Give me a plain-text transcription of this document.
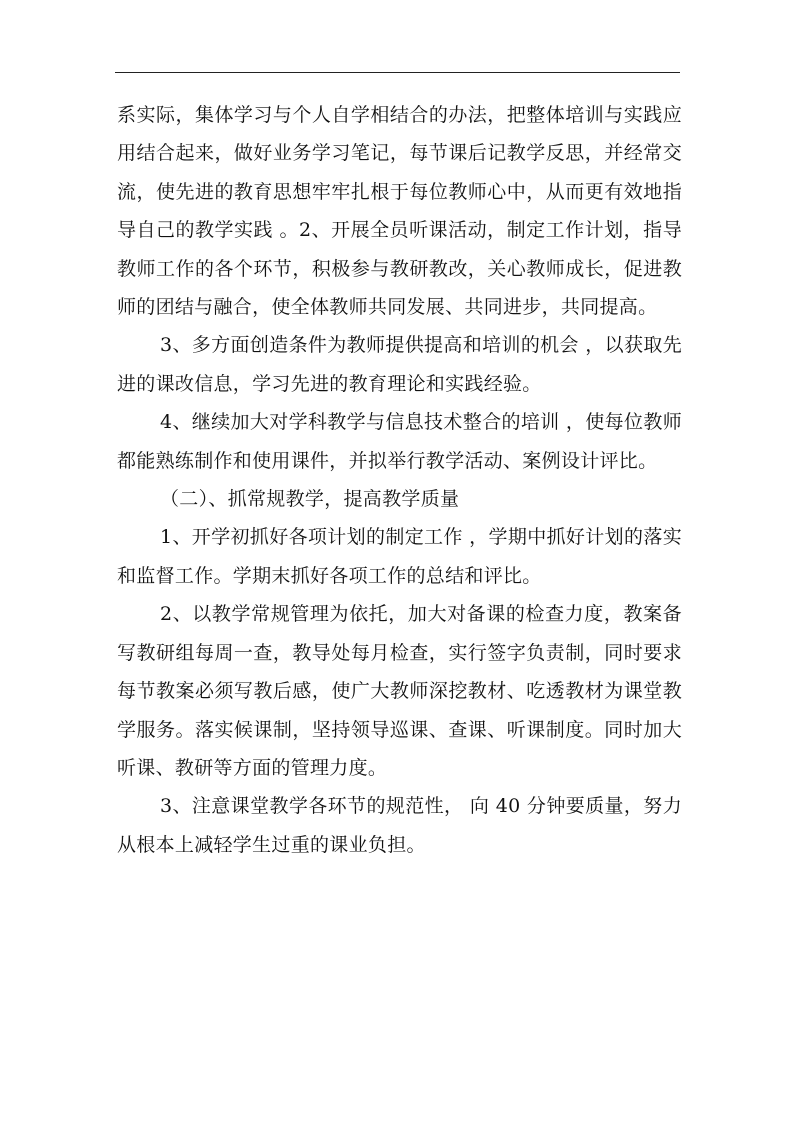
系实际，集体学习与个人自学相结合的办法，把整体培训与实践应用结合起来，做好业务学习笔记，每节课后记教学反思，并经常交流，使先进的教育思想牢牢扎根于每位教师心中，从而更有效地指导自己的教学实践 。2、开展全员听课活动，制定工作计划，指导教师工作的各个环节，积极参与教研教改，关心教师成长，促进教师的团结与融合，使全体教师共同发展、共同进步，共同提高。

3、多方面创造条件为教师提供提高和培训的机会 ，以获取先进的课改信息，学习先进的教育理论和实践经验。

4、继续加大对学科教学与信息技术整合的培训 ，使每位教师都能熟练制作和使用课件，并拟举行教学活动、案例设计评比。

（二）、抓常规教学，提高教学质量

1、开学初抓好各项计划的制定工作 ，学期中抓好计划的落实和监督工作。学期末抓好各项工作的总结和评比。

2、以教学常规管理为依托，加大对备课的检查力度，教案备写教研组每周一查，教导处每月检查，实行签字负责制，同时要求每节教案必须写教后感，使广大教师深挖教材、吃透教材为课堂教学服务。落实候课制，坚持领导巡课、查课、听课制度。同时加大听课、教研等方面的管理力度。

3、注意课堂教学各环节的规范性， 向 40 分钟要质量，努力从根本上减轻学生过重的课业负担。
